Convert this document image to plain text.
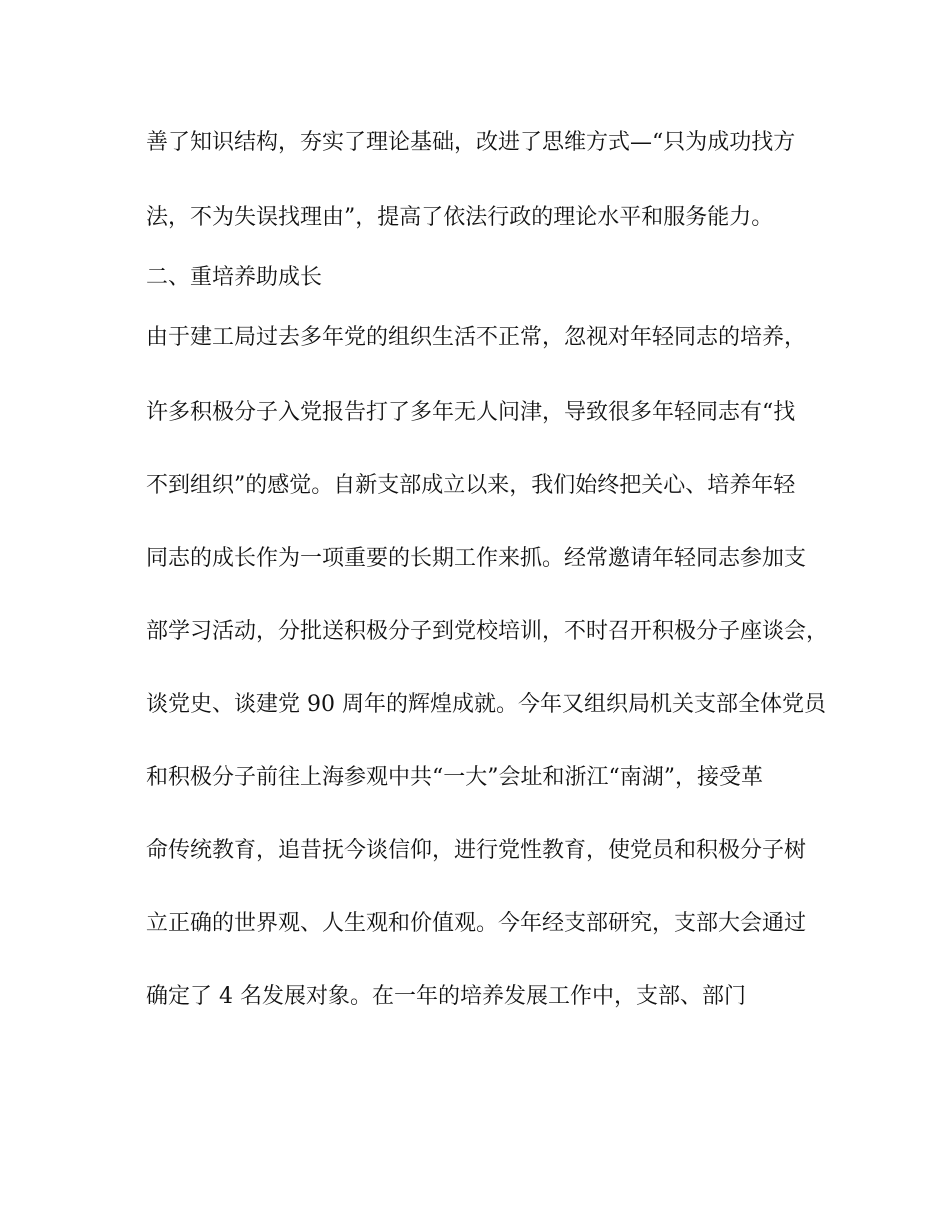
善了知识结构，夯实了理论基础，改进了思维方式—“只为成功找方
法，不为失误找理由”，提高了依法行政的理论水平和服务能力。
二、重培养助成长
由于建工局过去多年党的组织生活不正常，忽视对年轻同志的培养，
许多积极分子入党报告打了多年无人问津，导致很多年轻同志有“找
不到组织”的感觉。自新支部成立以来，我们始终把关心、培养年轻
同志的成长作为一项重要的长期工作来抓。经常邀请年轻同志参加支
部学习活动，分批送积极分子到党校培训，不时召开积极分子座谈会，
谈党史、谈建党 90 周年的辉煌成就。今年又组织局机关支部全体党员
和积极分子前往上海参观中共“一大”会址和浙江“南湖”，接受革
命传统教育，追昔抚今谈信仰，进行党性教育，使党员和积极分子树
立正确的世界观、人生观和价值观。今年经支部研究，支部大会通过
确定了 4 名发展对象。在一年的培养发展工作中，支部、部门
